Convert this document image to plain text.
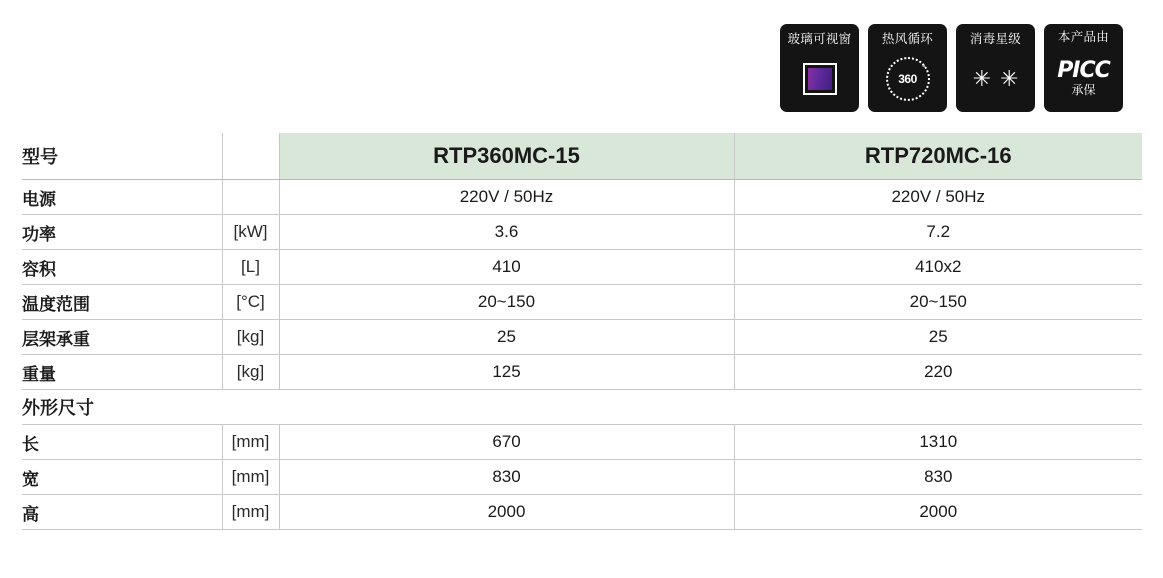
玻璃可视窗 热风循环
360
°
消毒星级
✳ ✳
本产品由
PICC
承保
型号		RTP360MC-15	RTP720MC-16
电源		220V / 50Hz	220V / 50Hz
功率	[kW]	3.6	7.2
容积	[L]	410	410x2
温度范围	[°C]	20~150	20~150
层架承重	[kg]	25	25
重量	[kg]	125	220
外形尺寸			
长	[mm]	670	1310
宽	[mm]	830	830
高	[mm]	2000	2000
